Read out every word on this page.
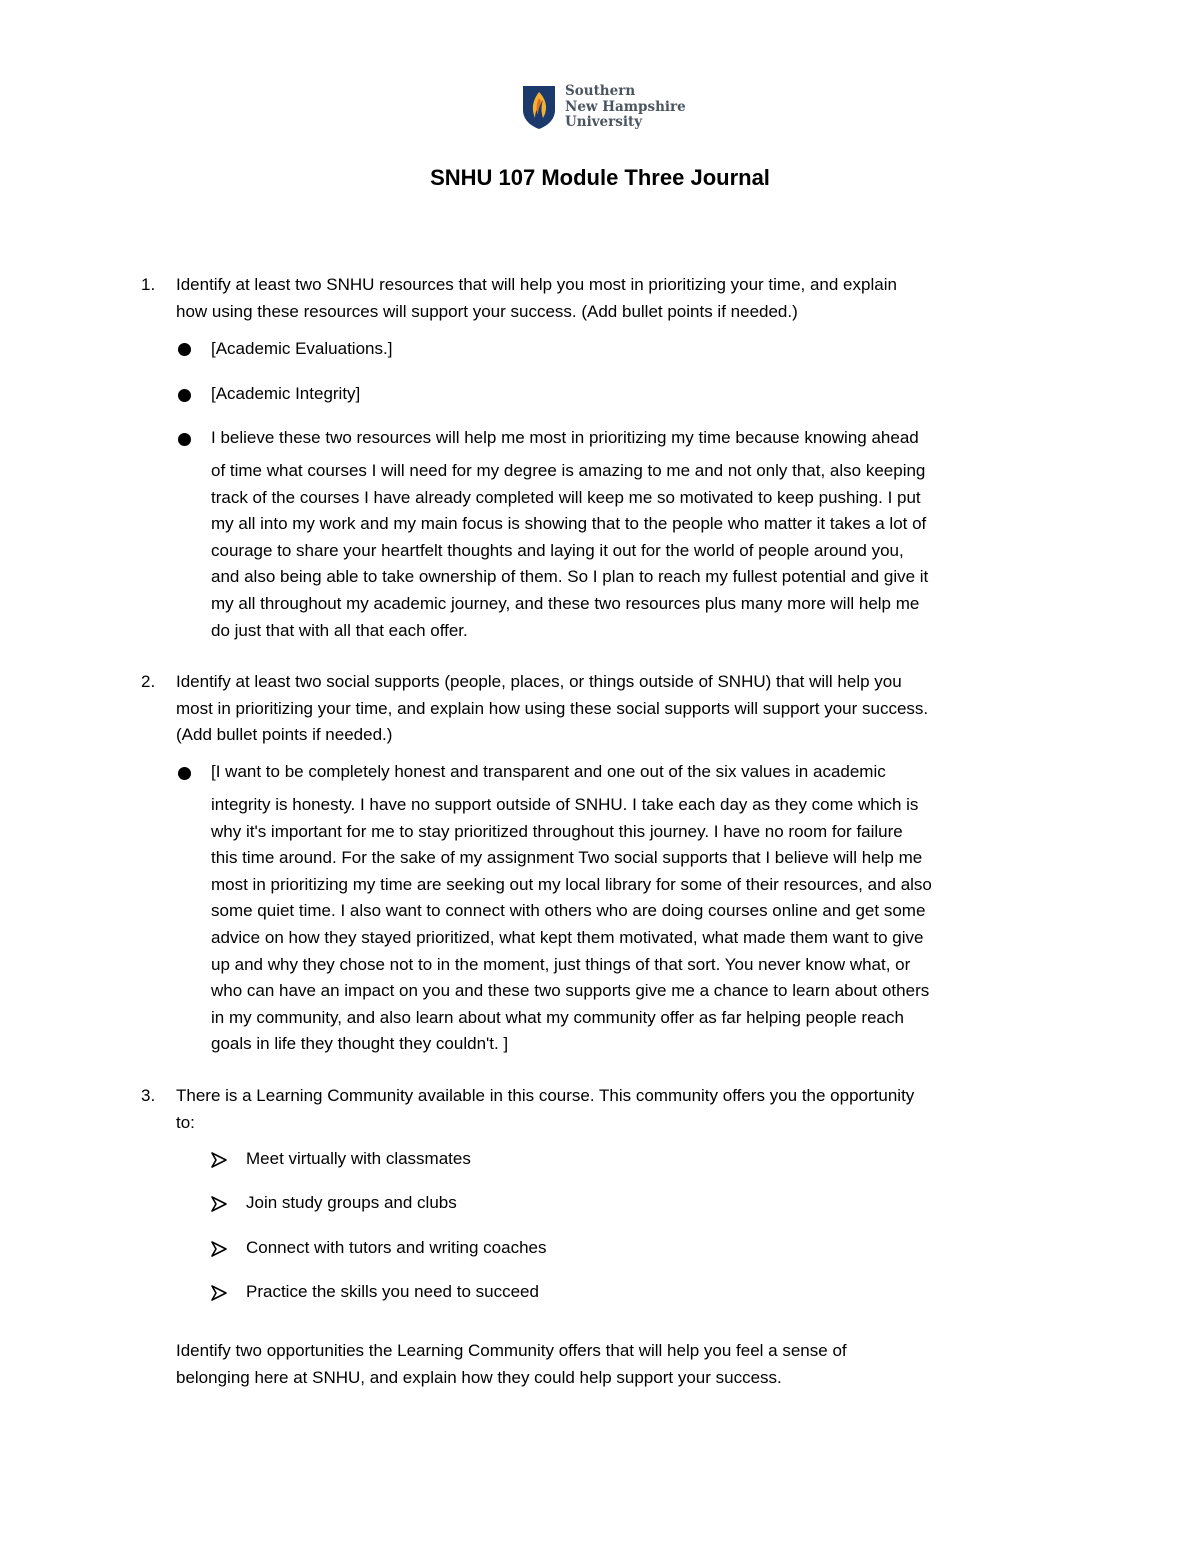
Southern
New Hampshire
University
SNHU 107 Module Three Journal
1. Identify at least two SNHU resources that will help you most in prioritizing your time, and explain
how using these resources will support your success. (Add bullet points if needed.)
[Academic Evaluations.]
[Academic Integrity]
I believe these two resources will help me most in prioritizing my time because knowing ahead
of time what courses I will need for my degree is amazing to me and not only that, also keeping
track of the courses I have already completed will keep me so motivated to keep pushing. I put
my all into my work and my main focus is showing that to the people who matter it takes a lot of
courage to share your heartfelt thoughts and laying it out for the world of people around you,
and also being able to take ownership of them. So I plan to reach my fullest potential and give it
my all throughout my academic journey, and these two resources plus many more will help me
do just that with all that each offer.
2. Identify at least two social supports (people, places, or things outside of SNHU) that will help you
most in prioritizing your time, and explain how using these social supports will support your success.
(Add bullet points if needed.)
[I want to be completely honest and transparent and one out of the six values in academic
integrity is honesty. I have no support outside of SNHU. I take each day as they come which is
why it's important for me to stay prioritized throughout this journey. I have no room for failure
this time around. For the sake of my assignment Two social supports that I believe will help me
most in prioritizing my time are seeking out my local library for some of their resources, and also
some quiet time. I also want to connect with others who are doing courses online and get some
advice on how they stayed prioritized, what kept them motivated, what made them want to give
up and why they chose not to in the moment, just things of that sort. You never know what, or
who can have an impact on you and these two supports give me a chance to learn about others
in my community, and also learn about what my community offer as far helping people reach
goals in life they thought they couldn't. ]
3. There is a Learning Community available in this course. This community offers you the opportunity
to:
Meet virtually with classmates
Join study groups and clubs
Connect with tutors and writing coaches
Practice the skills you need to succeed
Identify two opportunities the Learning Community offers that will help you feel a sense of
belonging here at SNHU, and explain how they could help support your success.
